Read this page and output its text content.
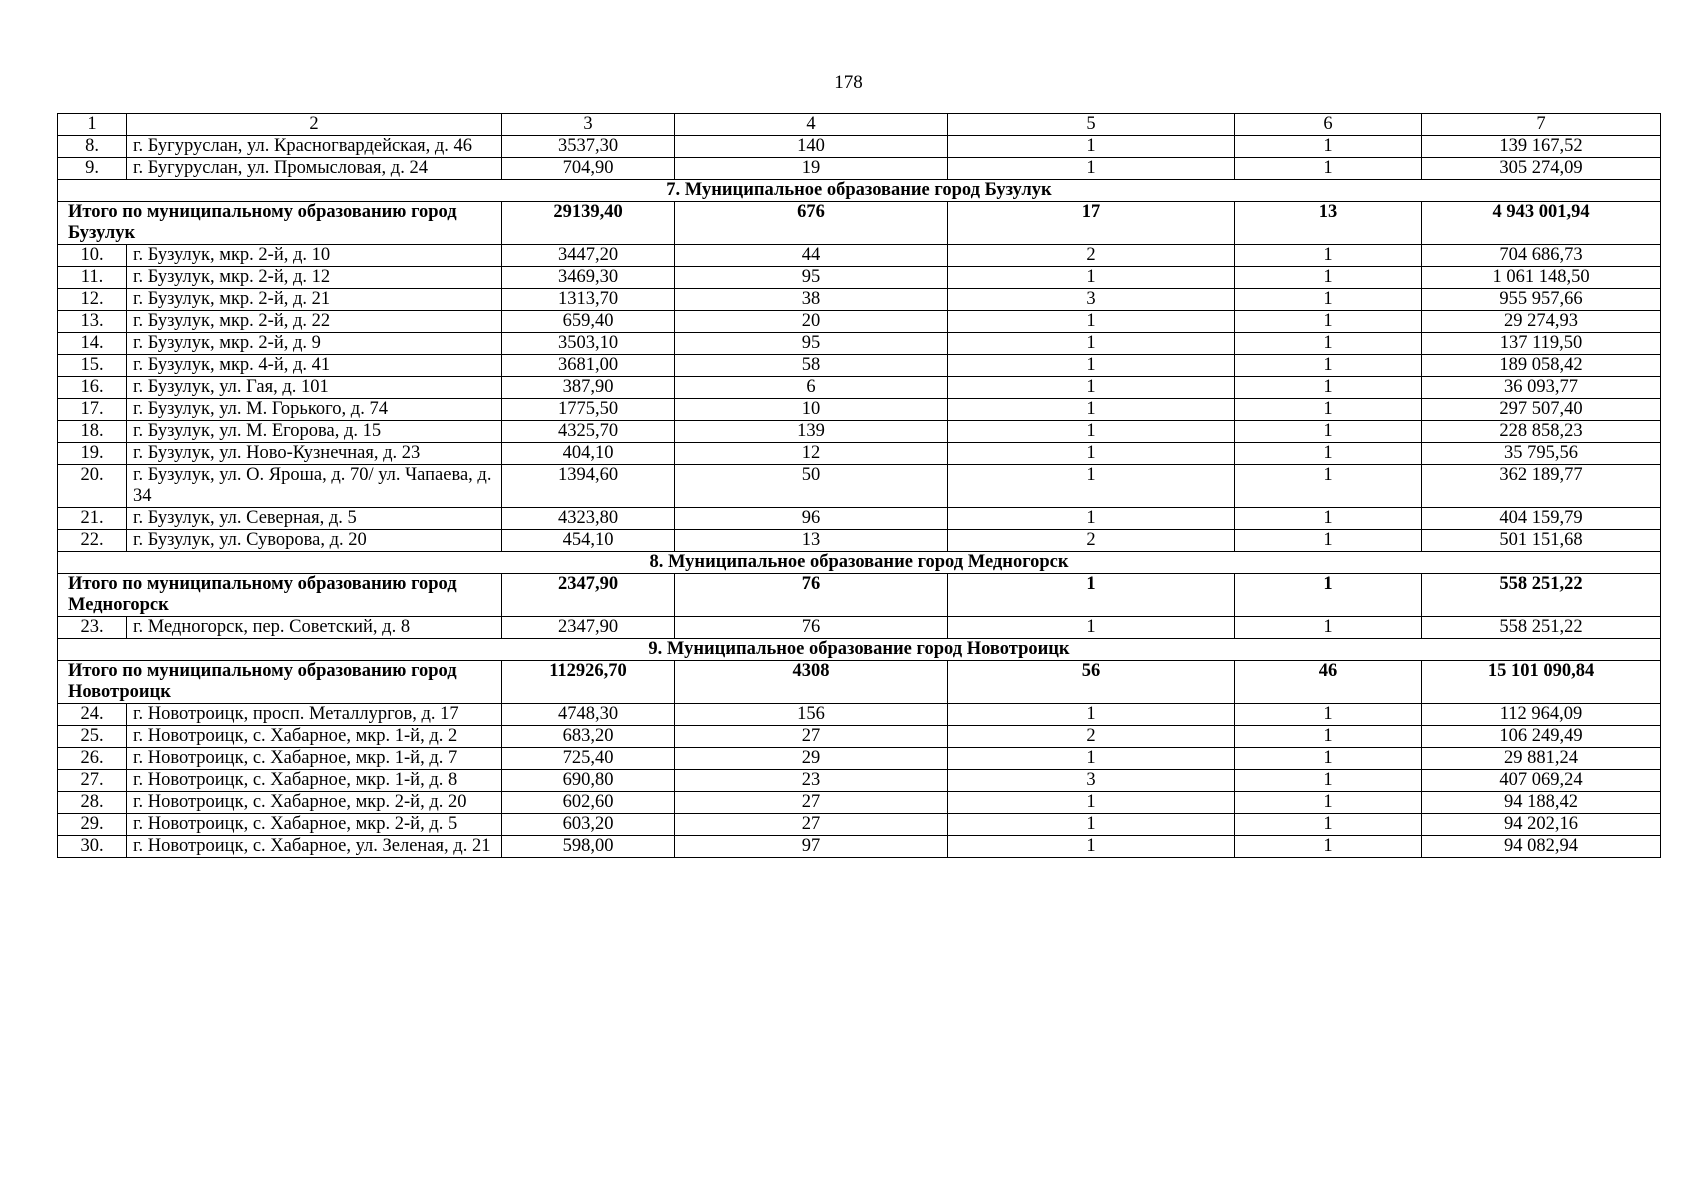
178
1	2	3	4	5	6	7
8.	г. Бугуруслан, ул. Красногвардейская, д. 46	3537,30	140	1	1	139 167,52
9.	г. Бугуруслан, ул. Промысловая, д. 24	704,90	19	1	1	305 274,09
7. Муниципальное образование город Бузулук						
Итого по муниципальному образованию город Бузулук		29139,40	676	17	13	4 943 001,94
10.	г. Бузулук, мкр. 2-й, д. 10	3447,20	44	2	1	704 686,73
11.	г. Бузулук, мкр. 2-й, д. 12	3469,30	95	1	1	1 061 148,50
12.	г. Бузулук, мкр. 2-й, д. 21	1313,70	38	3	1	955 957,66
13.	г. Бузулук, мкр. 2-й, д. 22	659,40	20	1	1	29 274,93
14.	г. Бузулук, мкр. 2-й, д. 9	3503,10	95	1	1	137 119,50
15.	г. Бузулук, мкр. 4-й, д. 41	3681,00	58	1	1	189 058,42
16.	г. Бузулук, ул. Гая, д. 101	387,90	6	1	1	36 093,77
17.	г. Бузулук, ул. М. Горького, д. 74	1775,50	10	1	1	297 507,40
18.	г. Бузулук, ул. М. Егорова, д. 15	4325,70	139	1	1	228 858,23
19.	г. Бузулук, ул. Ново-Кузнечная, д. 23	404,10	12	1	1	35 795,56
20.	г. Бузулук, ул. О. Яроша, д. 70/ ул. Чапаева, д. 34	1394,60	50	1	1	362 189,77
21.	г. Бузулук, ул. Северная, д. 5	4323,80	96	1	1	404 159,79
22.	г. Бузулук, ул. Суворова, д. 20	454,10	13	2	1	501 151,68
8. Муниципальное образование город Медногорск						
Итого по муниципальному образованию город Медногорск		2347,90	76	1	1	558 251,22
23.	г. Медногорск, пер. Советский, д. 8	2347,90	76	1	1	558 251,22
9. Муниципальное образование город Новотроицк						
Итого по муниципальному образованию город Новотроицк		112926,70	4308	56	46	15 101 090,84
24.	г. Новотроицк, просп. Металлургов, д. 17	4748,30	156	1	1	112 964,09
25.	г. Новотроицк, с. Хабарное, мкр. 1-й, д. 2	683,20	27	2	1	106 249,49
26.	г. Новотроицк, с. Хабарное, мкр. 1-й, д. 7	725,40	29	1	1	29 881,24
27.	г. Новотроицк, с. Хабарное, мкр. 1-й, д. 8	690,80	23	3	1	407 069,24
28.	г. Новотроицк, с. Хабарное, мкр. 2-й, д. 20	602,60	27	1	1	94 188,42
29.	г. Новотроицк, с. Хабарное, мкр. 2-й, д. 5	603,20	27	1	1	94 202,16
30.	г. Новотроицк, с. Хабарное, ул. Зеленая, д. 21	598,00	97	1	1	94 082,94
